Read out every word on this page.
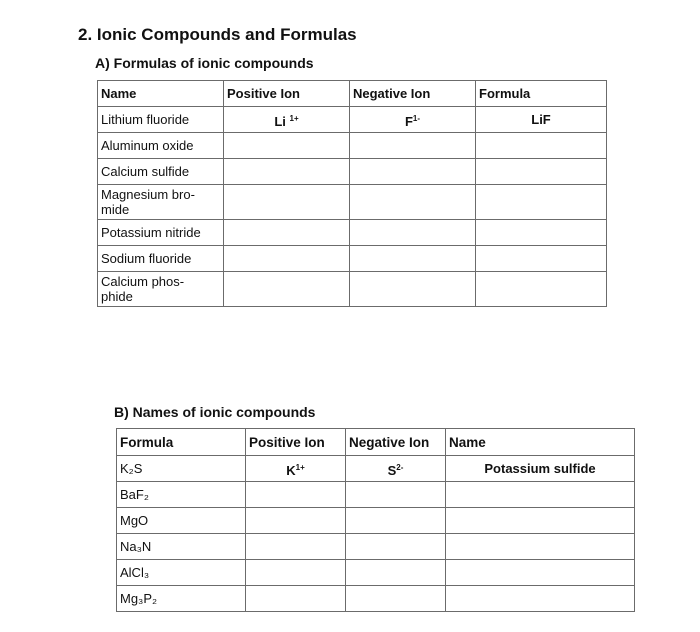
2. Ionic Compounds and Formulas
A) Formulas of ionic compounds
Name	Positive Ion	Negative Ion	Formula
Lithium fluoride	Li $^{1+}$	$F^{1-}$	LiF
Aluminum oxide			
Calcium sulfide			

Magnesium bro-mide			

Potassium nitride			
Sodium fluoride			

Calcium phos-phide			

B) Names of ionic compounds
Formula	Positive Ion	Negative Ion	Name
K₂S	$K^{1+}$	$S^{2-}$	Potassium sulfide
BaF₂			
MgO			
Na₃N			
AlCl₃			
Mg₃P₂			
